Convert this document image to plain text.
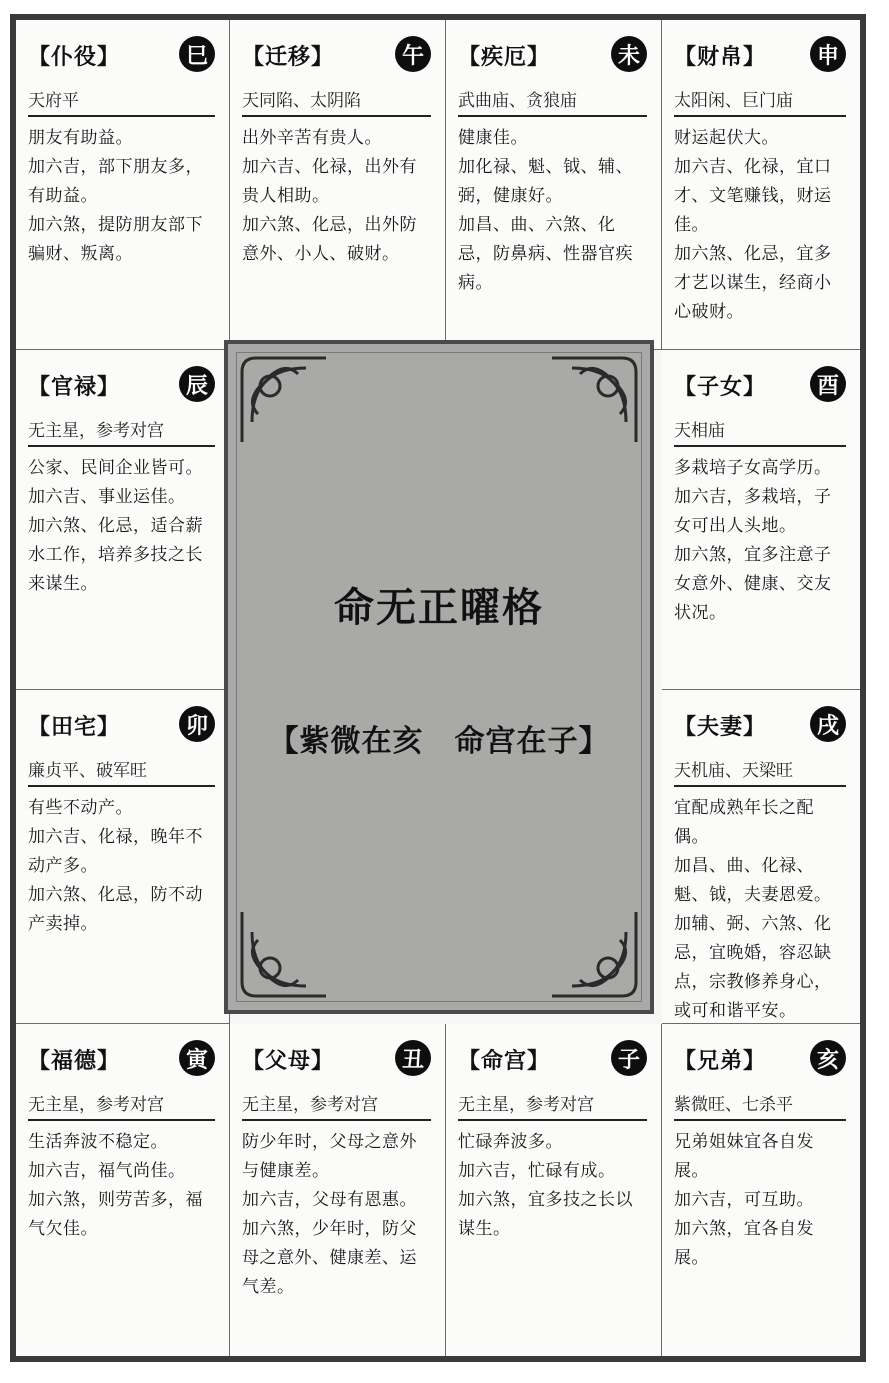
【仆役】	巳
天府平

朋友有助益。

加六吉，部下朋友多，有助益。

加六煞，提防朋友部下骗财、叛离。

【迁移】	午
天同陷、太阴陷

出外辛苦有贵人。

加六吉、化禄，出外有贵人相助。

加六煞、化忌，出外防意外、小人、破财。

【疾厄】	未
武曲庙、贪狼庙

健康佳。

加化禄、魁、钺、辅、弼，健康好。

加昌、曲、六煞、化忌，防鼻病、性器官疾病。

【财帛】	申
太阳闲、巨门庙

财运起伏大。

加六吉、化禄，宜口才、文笔赚钱，财运佳。

加六煞、化忌，宜多才艺以谋生，经商小心破财。

【官禄】	辰
无主星，参考对宫

公家、民间企业皆可。

加六吉、事业运佳。

加六煞、化忌，适合薪水工作，培养多技之长来谋生。

【子女】	酉
天相庙

多栽培子女高学历。

加六吉，多栽培，子女可出人头地。

加六煞，宜多注意子女意外、健康、交友状况。

【田宅】	卯
廉贞平、破军旺

有些不动产。

加六吉、化禄，晚年不动产多。

加六煞、化忌，防不动产卖掉。

【夫妻】	戌
天机庙、天梁旺

宜配成熟年长之配偶。

加昌、曲、化禄、魁、钺，夫妻恩爱。

加辅、弼、六煞、化忌，宜晚婚，容忍缺点，宗教修养身心，或可和谐平安。

【福德】	寅
无主星，参考对宫

生活奔波不稳定。

加六吉，福气尚佳。

加六煞，则劳苦多，福气欠佳。

【父母】	丑
无主星，参考对宫

防少年时，父母之意外与健康差。

加六吉，父母有恩惠。

加六煞，少年时，防父母之意外、健康差、运气差。

【命宫】	子
无主星，参考对宫

忙碌奔波多。

加六吉，忙碌有成。

加六煞，宜多技之长以谋生。

【兄弟】	亥
紫微旺、七杀平

兄弟姐妹宜各自发展。

加六吉，可互助。

加六煞，宜各自发展。

命无正曜格
【紫微在亥　命宫在子】
